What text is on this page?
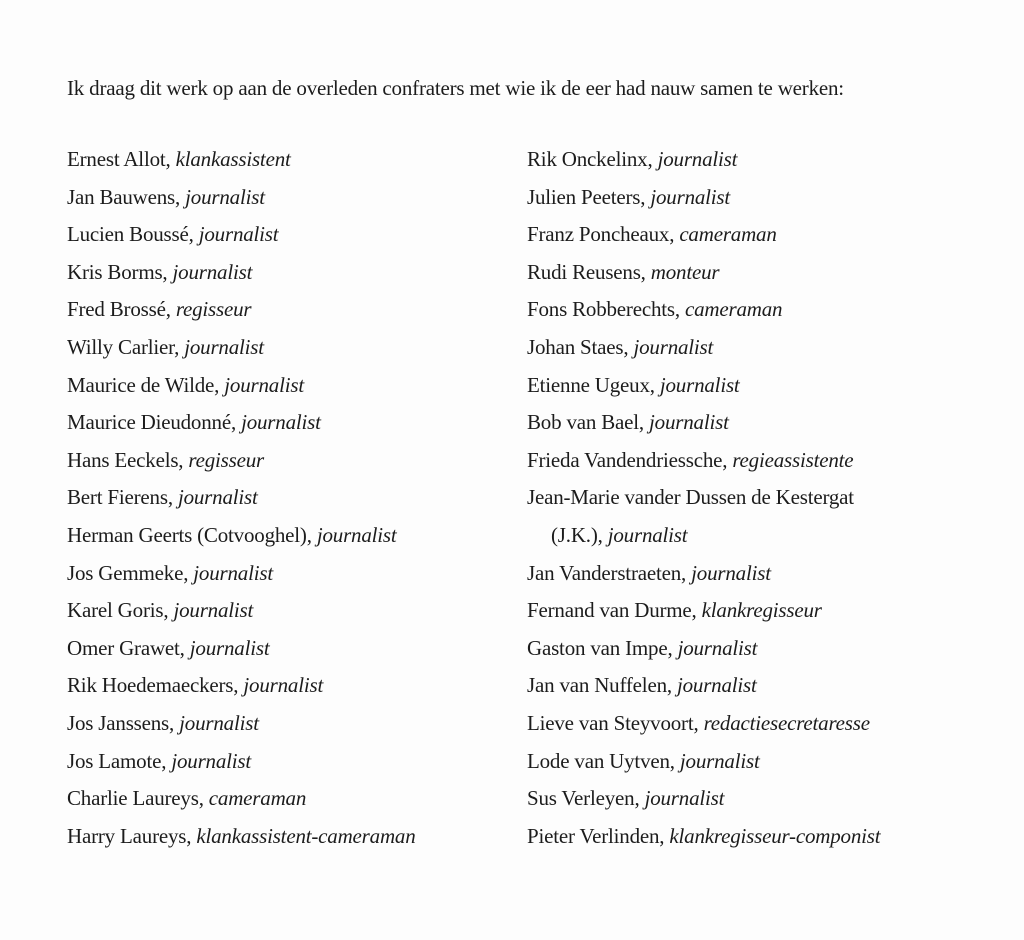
Ik draag dit werk op aan de overleden confraters met wie ik de eer had nauw samen te werken:

Ernest Allot, klankassistent
Jan Bauwens, journalist
Lucien Boussé, journalist
Kris Borms, journalist
Fred Brossé, regisseur
Willy Carlier, journalist
Maurice de Wilde, journalist
Maurice Dieudonné, journalist
Hans Eeckels, regisseur
Bert Fierens, journalist
Herman Geerts (Cotvooghel), journalist
Jos Gemmeke, journalist
Karel Goris, journalist
Omer Grawet, journalist
Rik Hoedemaeckers, journalist
Jos Janssens, journalist
Jos Lamote, journalist
Charlie Laureys, cameraman
Harry Laureys, klankassistent-cameraman
Rik Onckelinx, journalist
Julien Peeters, journalist
Franz Poncheaux, cameraman
Rudi Reusens, monteur
Fons Robberechts, cameraman
Johan Staes, journalist
Etienne Ugeux, journalist
Bob van Bael, journalist
Frieda Vandendriessche, regieassistente
Jean-Marie vander Dussen de Kestergat
(J.K.), journalist
Jan Vanderstraeten, journalist
Fernand van Durme, klankregisseur
Gaston van Impe, journalist
Jan van Nuffelen, journalist
Lieve van Steyvoort, redactiesecretaresse
Lode van Uytven, journalist
Sus Verleyen, journalist
Pieter Verlinden, klankregisseur-componist
